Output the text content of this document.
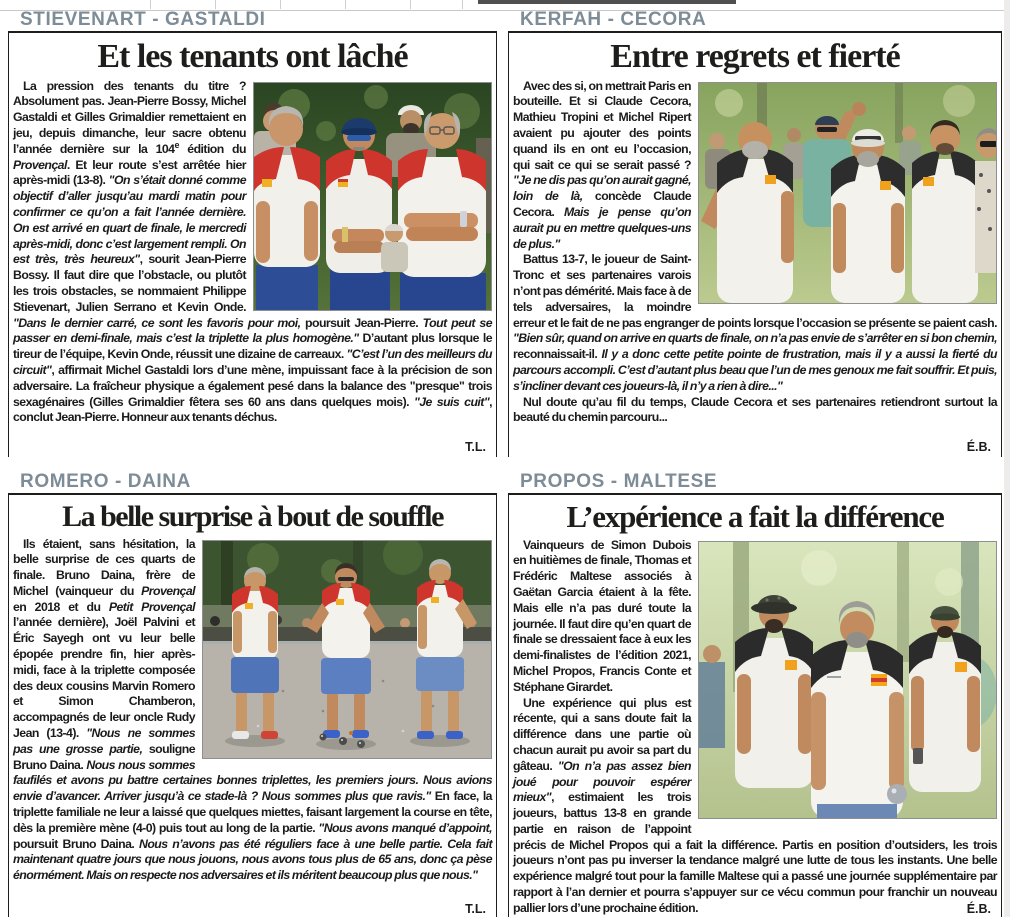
STIEVENART - GASTALDI
Et les tenants ont lâché

La pression des tenants du titre ? Absolument pas. Jean-Pierre Bossy, Michel Gastaldi et Gilles Grimaldier remettaient en jeu, depuis dimanche, leur sacre obtenu l’année dernière sur la 104e édition du Provençal. Et leur route s’est arrêtée hier après-midi (13-8). "On s’était donné comme objectif d’aller jusqu’au mardi matin pour confirmer ce qu’on a fait l’année dernière. On est arrivé en quart de finale, le mercredi après-midi, donc c’est largement rempli. On est très, très heureux", sourit Jean-Pierre Bossy. Il faut dire que l’obstacle, ou plutôt les trois obstacles, se nommaient Philippe Stievenart, Julien Serrano et Kevin Onde. "Dans le dernier carré, ce sont les favoris pour moi, poursuit Jean-Pierre. Tout peut se passer en demi-finale, mais c’est la triplette la plus homogène." D’autant plus lorsque le tireur de l’équipe, Kevin Onde, réussit une dizaine de carreaux. "C’est l’un des meilleurs du circuit", affirmait Michel Gastaldi lors d’une mène, impuissant face à la précision de son adversaire. La fraîcheur physique a également pesé dans la balance des "presque" trois sexagénaires (Gilles Grimaldier fêtera ses 60 ans dans quelques mois). "Je suis cuit", conclut Jean-Pierre. Honneur aux tenants déchus.

T.L.
KERFAH - CECORA
Entre regrets et fierté

Avec des si, on mettrait Paris en bouteille. Et si Claude Cecora, Mathieu Tropini et Michel Ripert avaient pu ajouter des points quand ils en ont eu l’occasion, qui sait ce qui se serait passé ? "Je ne dis pas qu’on aurait gagné, loin de là, concède Claude Cecora. Mais je pense qu’on aurait pu en mettre quelques-uns de plus."

Battus 13-7, le joueur de Saint-Tronc et ses partenaires varois n’ont pas démérité. Mais face à de tels adversaires, la moindre erreur et le fait de ne pas engranger de points lorsque l’occasion se présente se paient cash. "Bien sûr, quand on arrive en quarts de finale, on n’a pas envie de s’arrêter en si bon chemin, reconnaissait-il. Il y a donc cette petite pointe de frustration, mais il y a aussi la fierté du parcours accompli. C’est d’autant plus beau que l’un de mes genoux me fait souffrir. Et puis, s’incliner devant ces joueurs-là, il n’y a rien à dire..."

Nul doute qu’au fil du temps, Claude Cecora et ses partenaires retiendront surtout la beauté du chemin parcouru...

É.B.
ROMERO - DAINA
La belle surprise à bout de souffle

Ils étaient, sans hésitation, la belle surprise de ces quarts de finale. Bruno Daina, frère de Michel (vainqueur du Provençal en 2018 et du Petit Provençal l’année dernière), Joël Palvini et Éric Sayegh ont vu leur belle épopée prendre fin, hier après-midi, face à la triplette composée des deux cousins Marvin Romero et Simon Chamberon, accompagnés de leur oncle Rudy Jean (13-4). "Nous ne sommes pas une grosse partie, souligne Bruno Daina. Nous nous sommes faufilés et avons pu battre certaines bonnes triplettes, les premiers jours. Nous avions envie d’avancer. Arriver jusqu’à ce stade-là ? Nous sommes plus que ravis." En face, la triplette familiale ne leur a laissé que quelques miettes, faisant largement la course en tête, dès la première mène (4-0) puis tout au long de la partie. "Nous avons manqué d’appoint, poursuit Bruno Daina. Nous n’avons pas été réguliers face à une belle partie. Cela fait maintenant quatre jours que nous jouons, nous avons tous plus de 65 ans, donc ça pèse énormément. Mais on respecte nos adversaires et ils méritent beaucoup plus que nous."

T.L.
PROPOS - MALTESE
L’expérience a fait la différence

Vainqueurs de Simon Dubois en huitièmes de finale, Thomas et Frédéric Maltese associés à Gaëtan Garcia étaient à la fête. Mais elle n’a pas duré toute la journée. Il faut dire qu’en quart de finale se dressaient face à eux les demi-finalistes de l’édition 2021, Michel Propos, Francis Conte et Stéphane Girardet.

Une expérience qui plus est récente, qui a sans doute fait la différence dans une partie où chacun aurait pu avoir sa part du gâteau. "On n’a pas assez bien joué pour pouvoir espérer mieux", estimaient les trois joueurs, battus 13-8 en grande partie en raison de l’appoint précis de Michel Propos qui a fait la différence. Partis en position d’outsiders, les trois joueurs n’ont pas pu inverser la tendance malgré une lutte de tous les instants. Une belle expérience malgré tout pour la famille Maltese qui a passé une journée supplémentaire par rapport à l’an dernier et pourra s’appuyer sur ce vécu commun pour franchir un nouveau pallier lors d’une prochaine édition.	É.B.
